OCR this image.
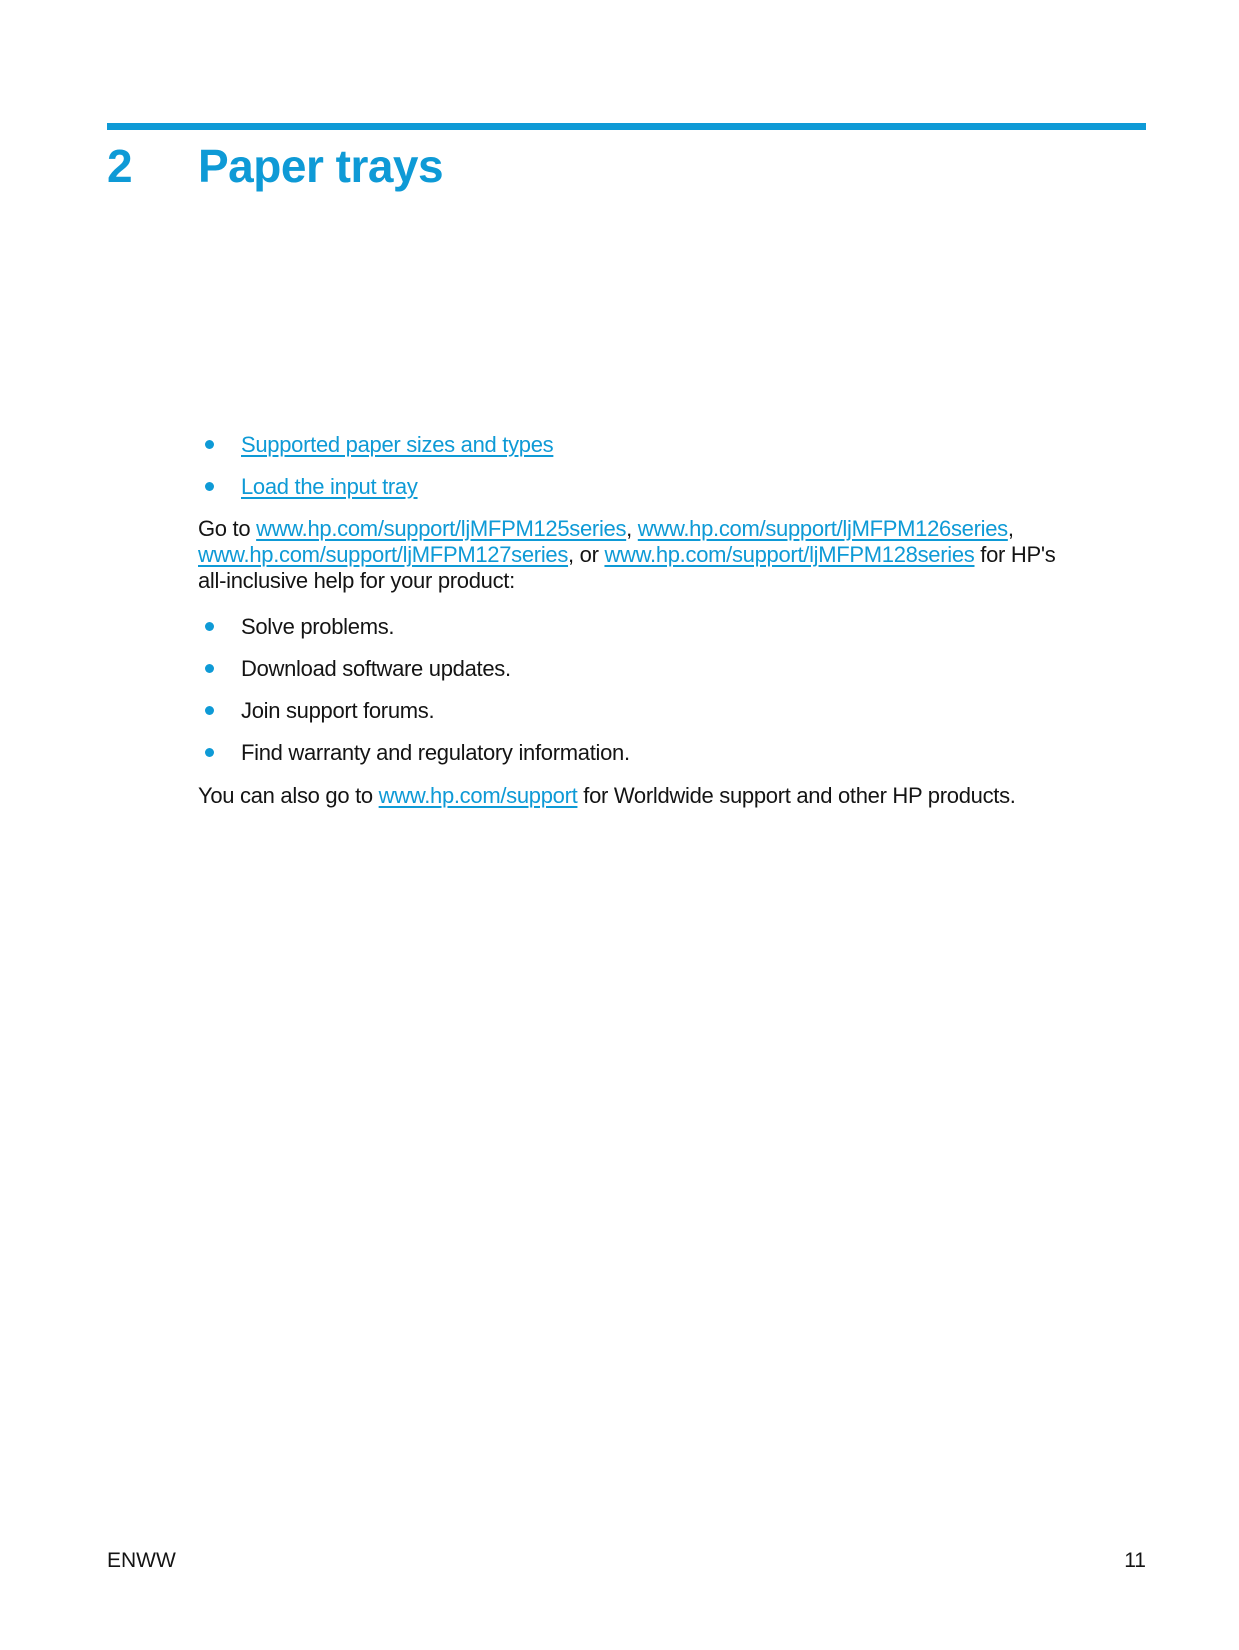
2	Paper trays
Supported paper sizes and types
Load the input tray

Go to www.hp.com/support/ljMFPM125series, www.hp.com/support/ljMFPM126series, www.hp.com/support/ljMFPM127series, or www.hp.com/support/ljMFPM128series for HP's all-inclusive help for your product:

Solve problems.
Download software updates.
Join support forums.
Find warranty and regulatory information.

You can also go to www.hp.com/support for Worldwide support and other HP products.

ENWW	11
